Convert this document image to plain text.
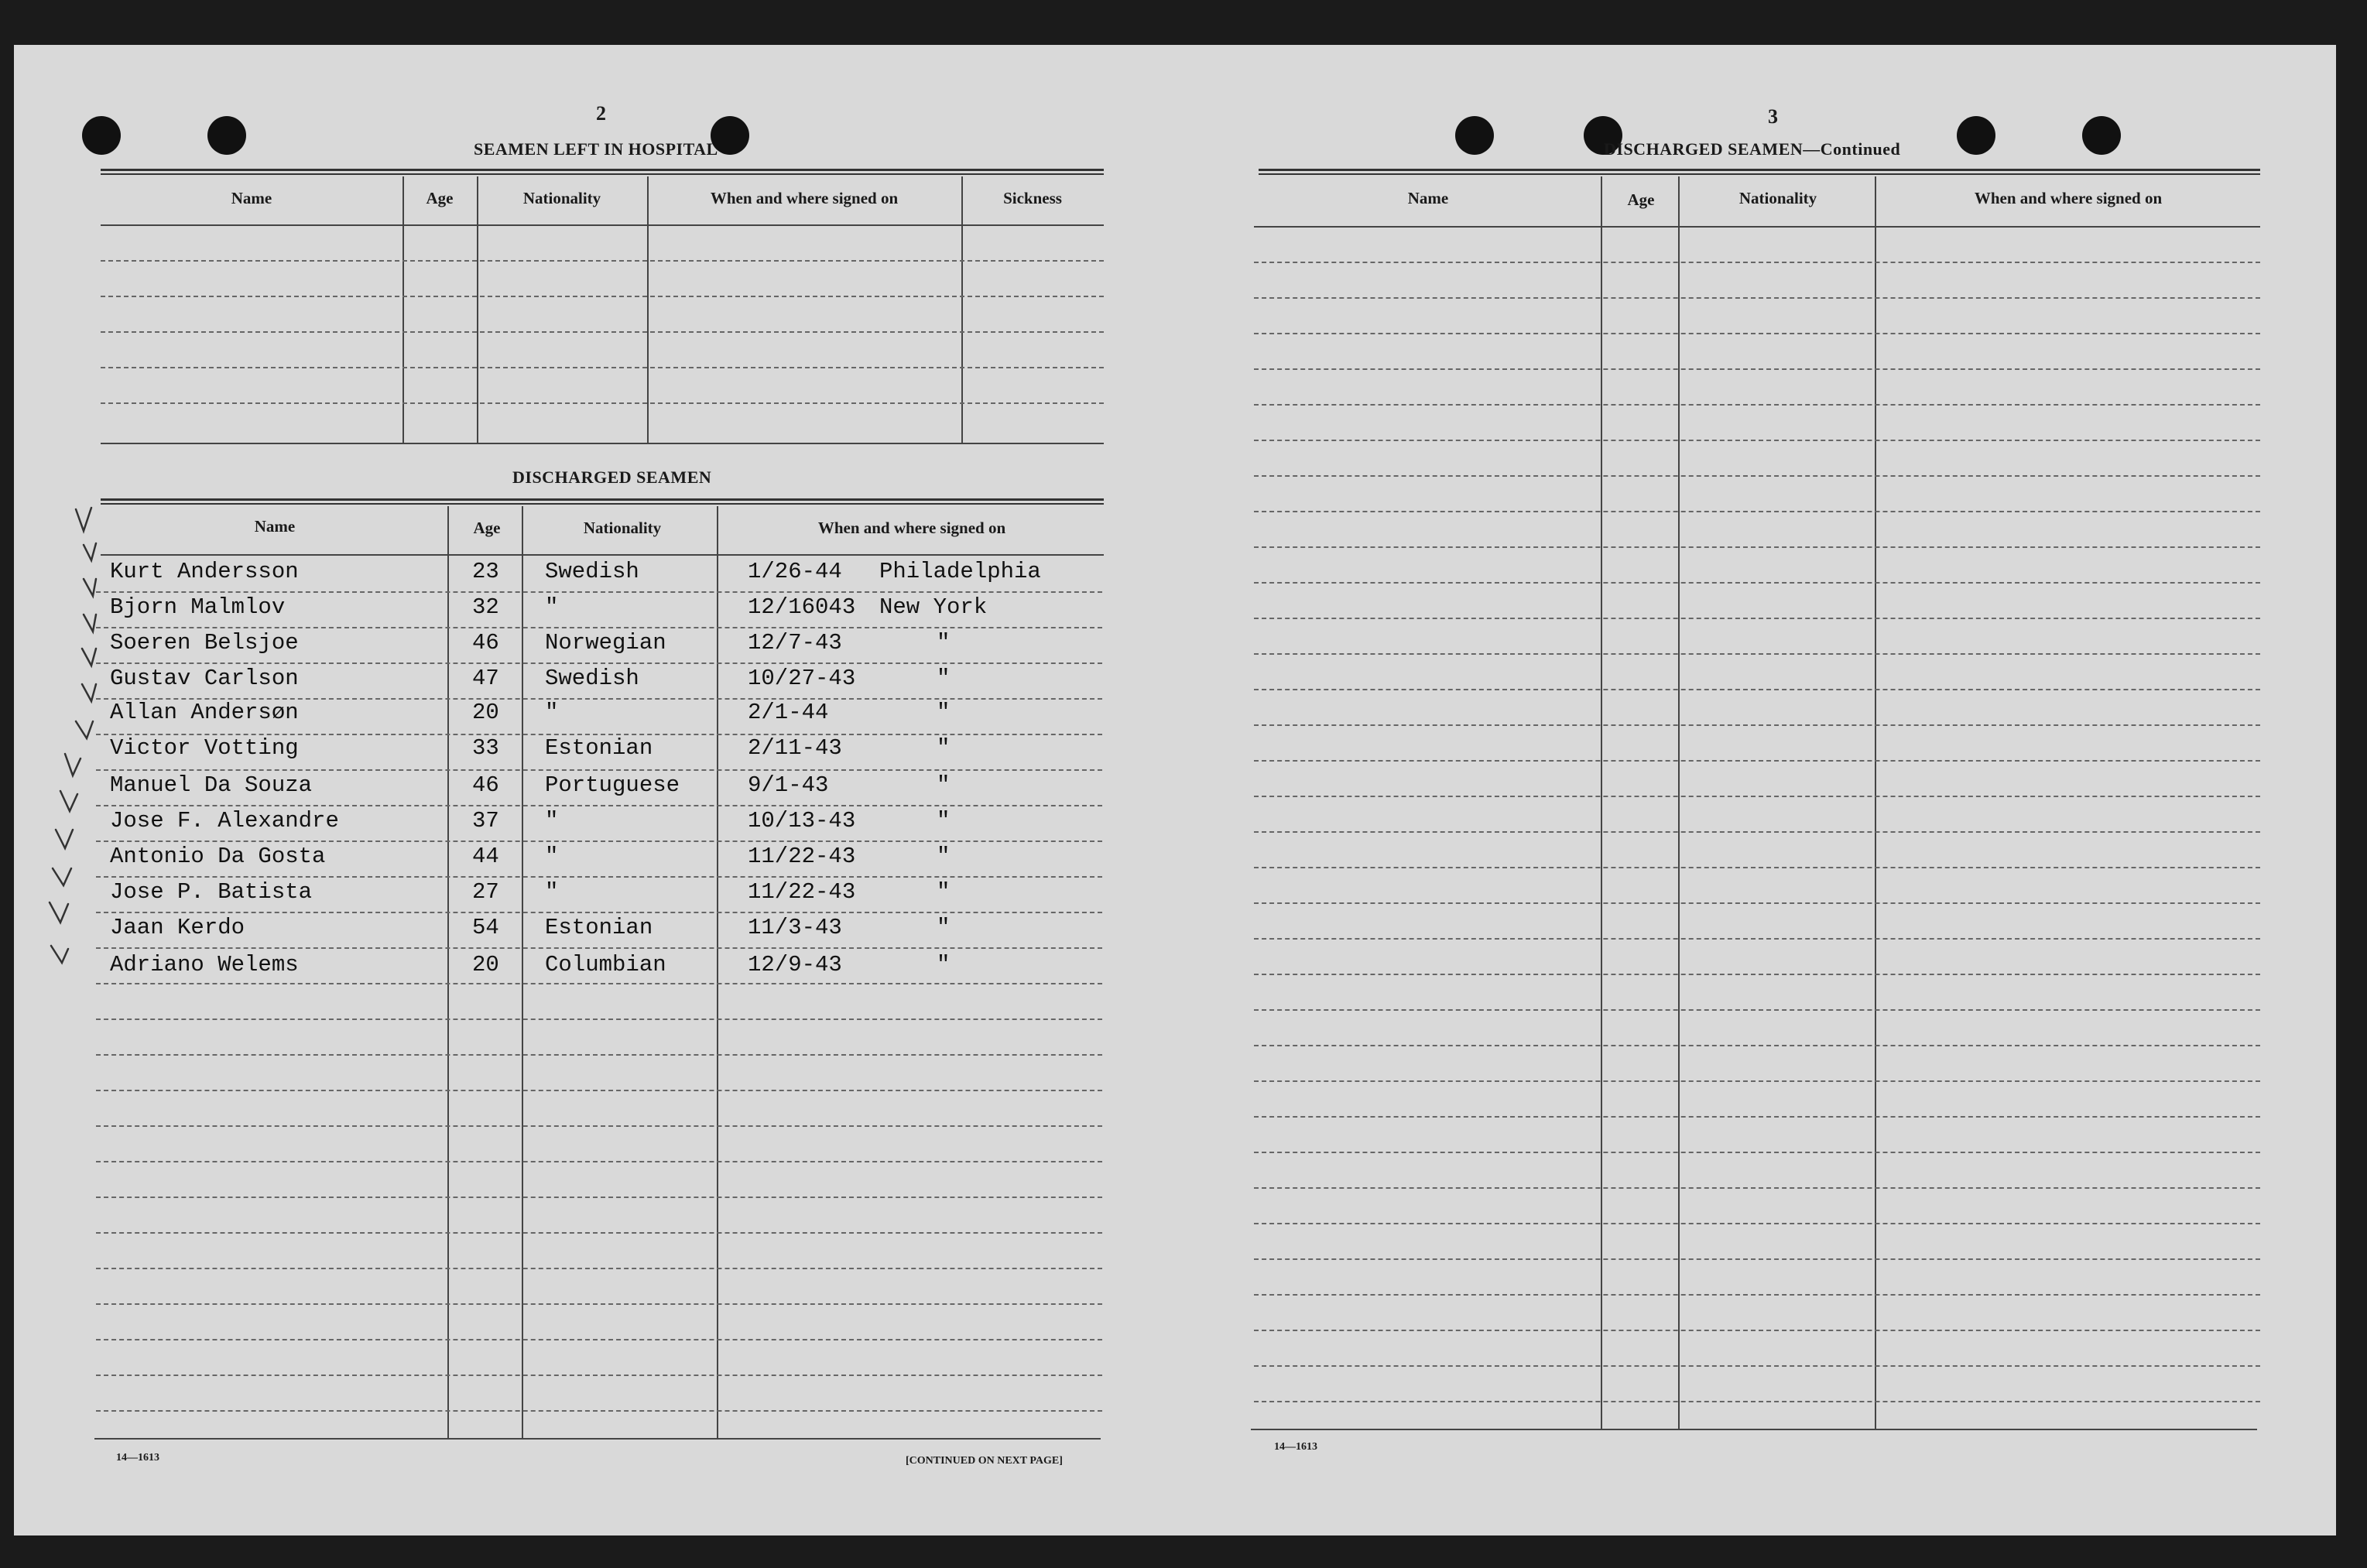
2
SEAMEN LEFT IN HOSPITAL
Name	Age	Nationality	When and where signed on	Sickness
DISCHARGED SEAMEN
Name	Age	Nationality	When and where signed on
Kurt Andersson	23 Swedish	1/26-44 Philadelphia
Bjorn Malmlov	32 "	12/16043 New York
Soeren Belsjoe	46 Norwegian	12/7-43	"
Gustav Carlson	47 Swedish	10/27-43	"
Allan Andersøn	20 "	2/1-44	"
Victor Votting	33 Estonian	2/11-43	"
Manuel Da Souza	46 Portuguese	9/1-43	"
Jose F. Alexandre	37 "	10/13-43	"
Antonio Da Gosta	44 "	11/22-43	"
Jose P. Batista	27 "	11/22-43	"
Jaan Kerdo	54 Estonian	11/3-43	"
Adriano Welems	20 Columbian	12/9-43	"
14—1613	[CONTINUED ON NEXT PAGE]
3
DISCHARGED SEAMEN—Continued
Name	Age	Nationality	When and where signed on
14—1613
